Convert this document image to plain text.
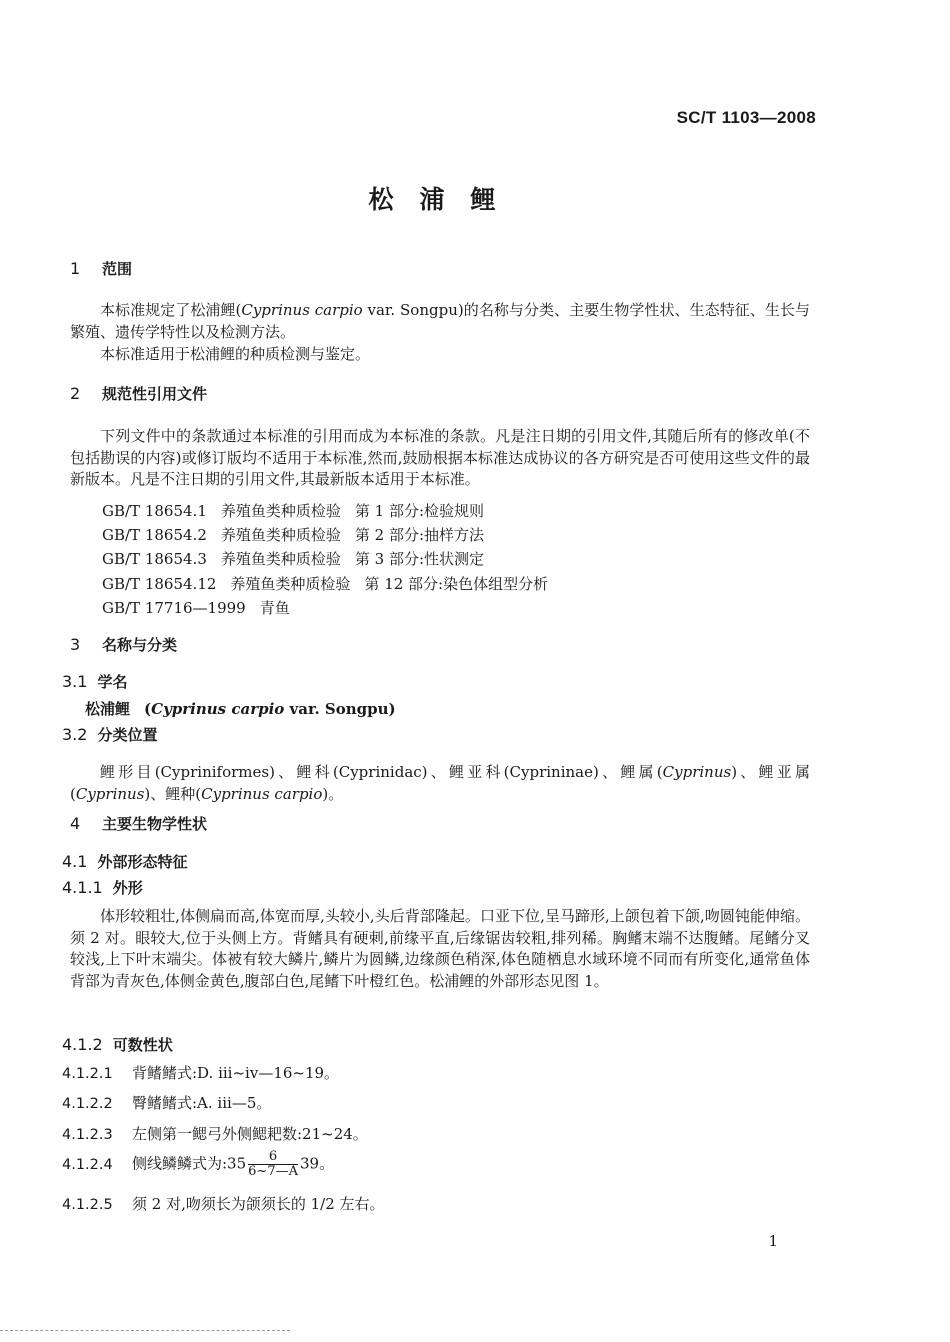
SC/T 1103—2008
松浦鲤
1 范围
本标准规定了松浦鲤(Cyprinus carpio var. Songpu)的名称与分类、主要生物学性状、生态特征、生长与繁殖、遗传学特性以及检测方法。
本标准适用于松浦鲤的种质检测与鉴定。
2 规范性引用文件
下列文件中的条款通过本标准的引用而成为本标准的条款。凡是注日期的引用文件,其随后所有的修改单(不包括勘误的内容)或修订版均不适用于本标准,然而,鼓励根据本标准达成协议的各方研究是否可使用这些文件的最新版本。凡是不注日期的引用文件,其最新版本适用于本标准。
GB/T 18654.1 养殖鱼类种质检验 第 1 部分:检验规则
GB/T 18654.2 养殖鱼类种质检验 第 2 部分:抽样方法
GB/T 18654.3 养殖鱼类种质检验 第 3 部分:性状测定
GB/T 18654.12 养殖鱼类种质检验 第 12 部分:染色体组型分析
GB/T 17716—1999 青鱼
3 名称与分类
3.1 学名
松浦鲤 (Cyprinus carpio var. Songpu)
3.2 分类位置
鲤形目(Cypriniformes)、鲤科(Cyprinidac)、鲤亚科(Cyprininae)、鲤属(Cyprinus)、鲤亚属(Cyprinus)、鲤种(Cyprinus carpio)。
4 主要生物学性状
4.1 外部形态特征
4.1.1 外形
体形较粗壮,体侧扁而高,体宽而厚,头较小,头后背部隆起。口亚下位,呈马蹄形,上颌包着下颌,吻圆钝能伸缩。须 2 对。眼较大,位于头侧上方。背鳍具有硬刺,前缘平直,后缘锯齿较粗,排列稀。胸鳍末端不达腹鳍。尾鳍分叉较浅,上下叶末端尖。体被有较大鳞片,鳞片为圆鳞,边缘颜色稍深,体色随栖息水域环境不同而有所变化,通常鱼体背部为青灰色,体侧金黄色,腹部白色,尾鳍下叶橙红色。松浦鲤的外部形态见图 1。
4.1.2 可数性状
4.1.2.1 背鳍鳍式:D. iii~iv—16~19。
4.1.2.2 臀鳍鳍式:A. iii—5。
4.1.2.3 左侧第一鳃弓外侧鳃耙数:21~24。
4.1.2.4 侧线鳞鳞式为:35 $\frac{6}{6\sim 7—A} 39$。
4.1.2.5 须 2 对,吻须长为颌须长的 1/2 左右。
1
